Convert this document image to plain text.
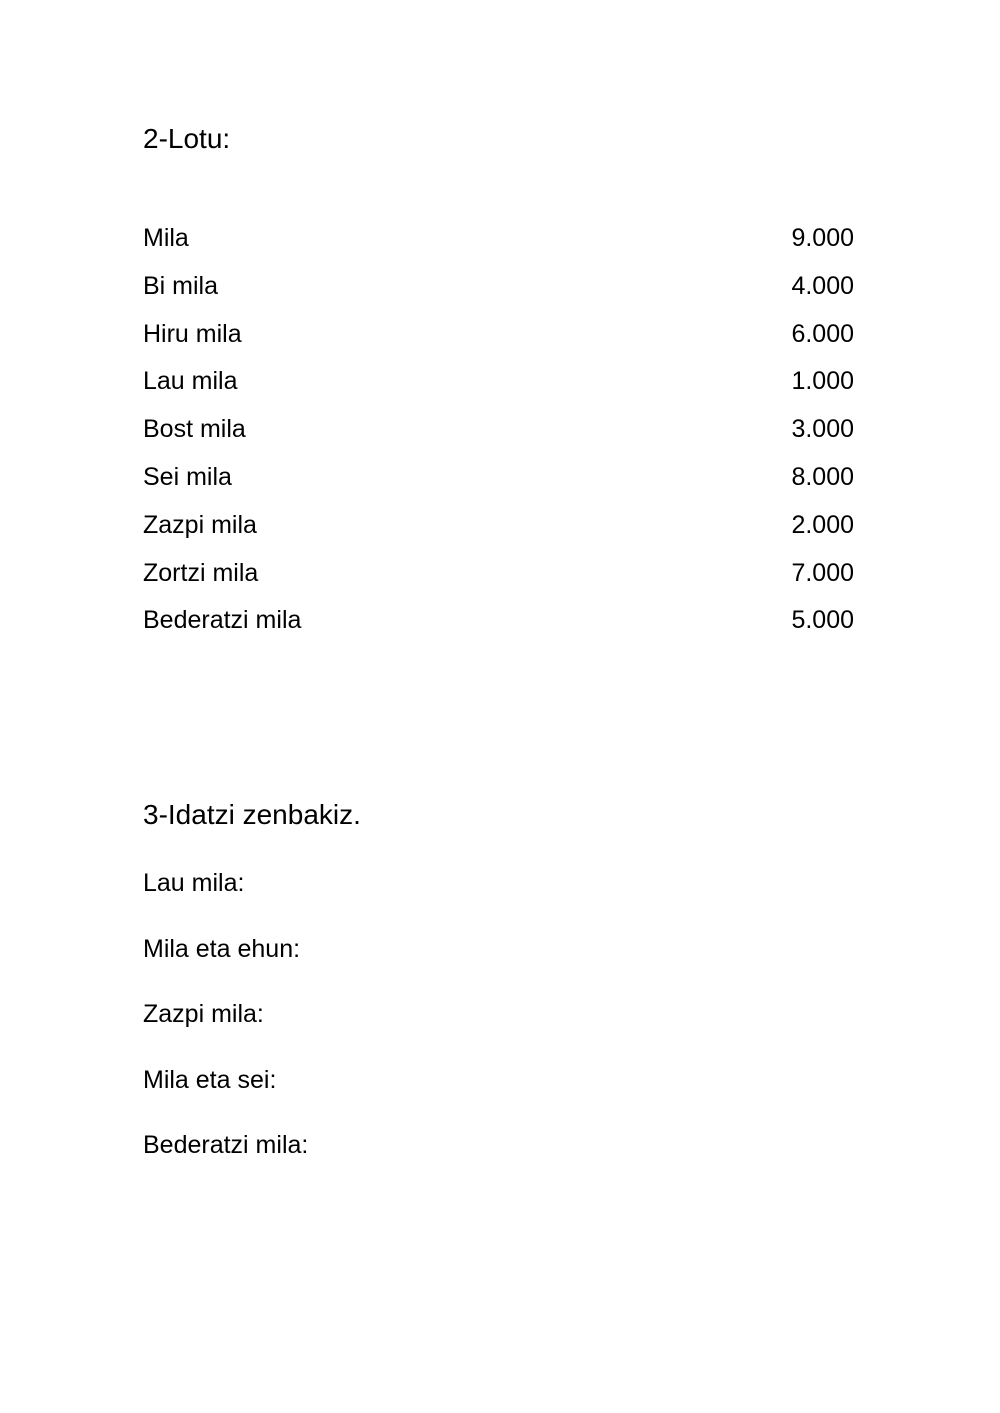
2-Lotu:
Mila	9.000
Bi mila	4.000
Hiru mila	6.000
Lau mila	1.000
Bost mila	3.000
Sei mila	8.000
Zazpi mila	2.000
Zortzi mila	7.000
Bederatzi mila	5.000
3-Idatzi zenbakiz.
Lau mila:
Mila eta ehun:
Zazpi mila:
Mila eta sei:
Bederatzi mila:
